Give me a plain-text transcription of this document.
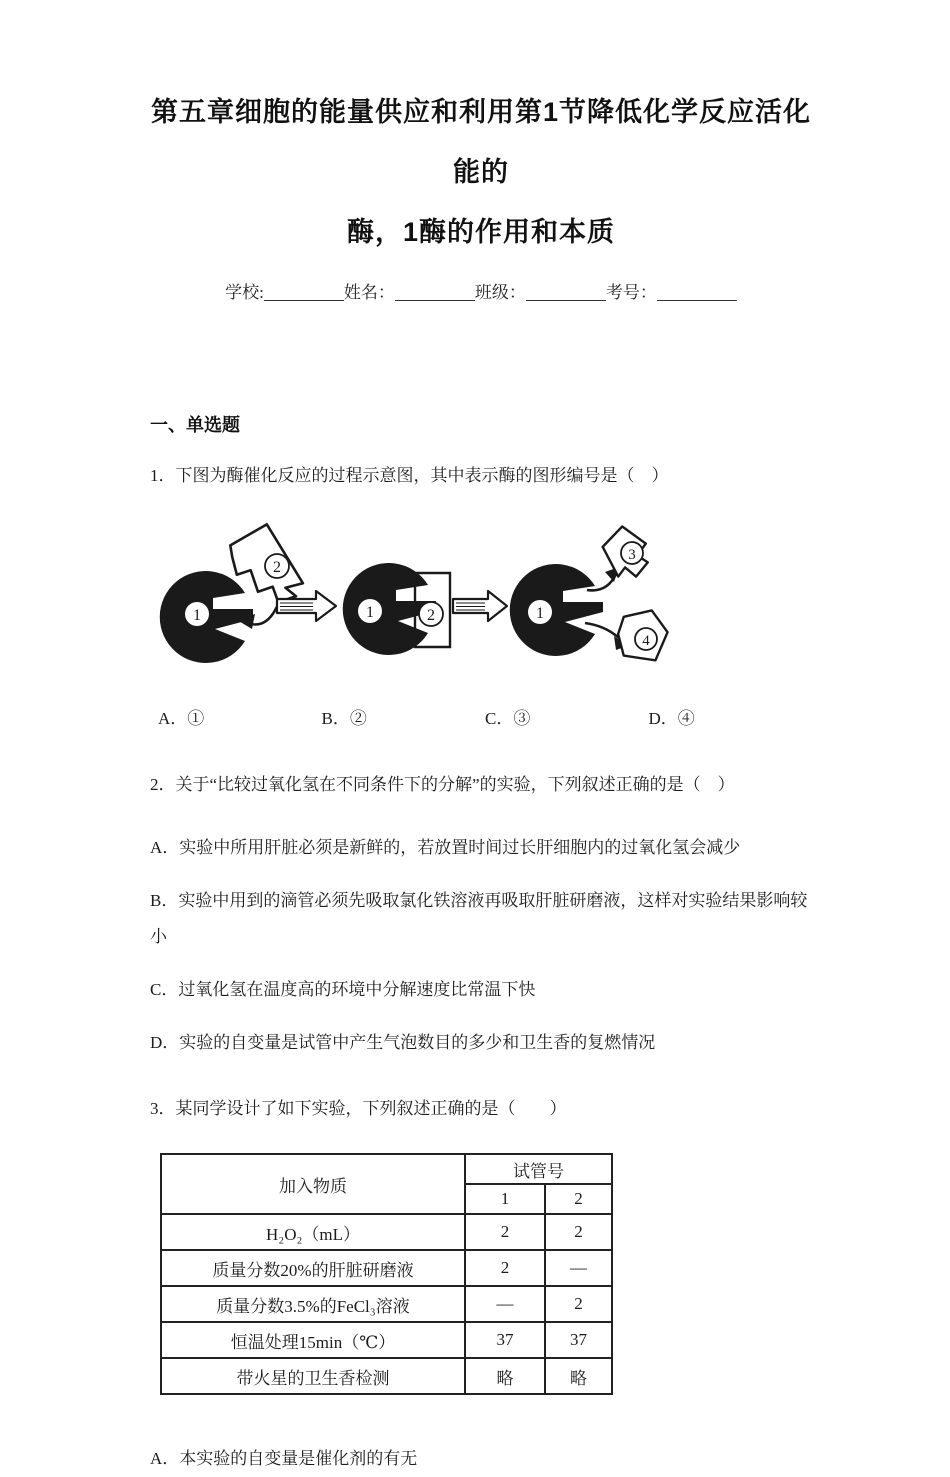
第五章细胞的能量供应和利用第1节降低化学反应活化能的
酶，1酶的作用和本质
学校:	姓名：	班级：	考号：
一、单选题

1．下图为酶催化反应的过程示意图，其中表示酶的图形编号是（　）

1
2
1	2	1
3
4
A．①	B．②	C．③	D．④

2．关于“比较过氧化氢在不同条件下的分解”的实验，下列叙述正确的是（　）

A．实验中所用肝脏必须是新鲜的，若放置时间过长肝细胞内的过氧化氢会减少

B．实验中用到的滴管必须先吸取氯化铁溶液再吸取肝脏研磨液，这样对实验结果影响较小

C．过氧化氢在温度高的环境中分解速度比常温下快

D．实验的自变量是试管中产生气泡数目的多少和卫生香的复燃情况

3．某同学设计了如下实验，下列叙述正确的是（　　）

加入物质	试管号	
	1	2
H₂O₂（mL）	2	2
质量分数20%的肝脏研磨液	2	—
质量分数3.5%的FeCl₃溶液	—	2
恒温处理15min（℃）	37	37
带火星的卫生香检测	略	略

A．本实验的自变量是催化剂的有无
